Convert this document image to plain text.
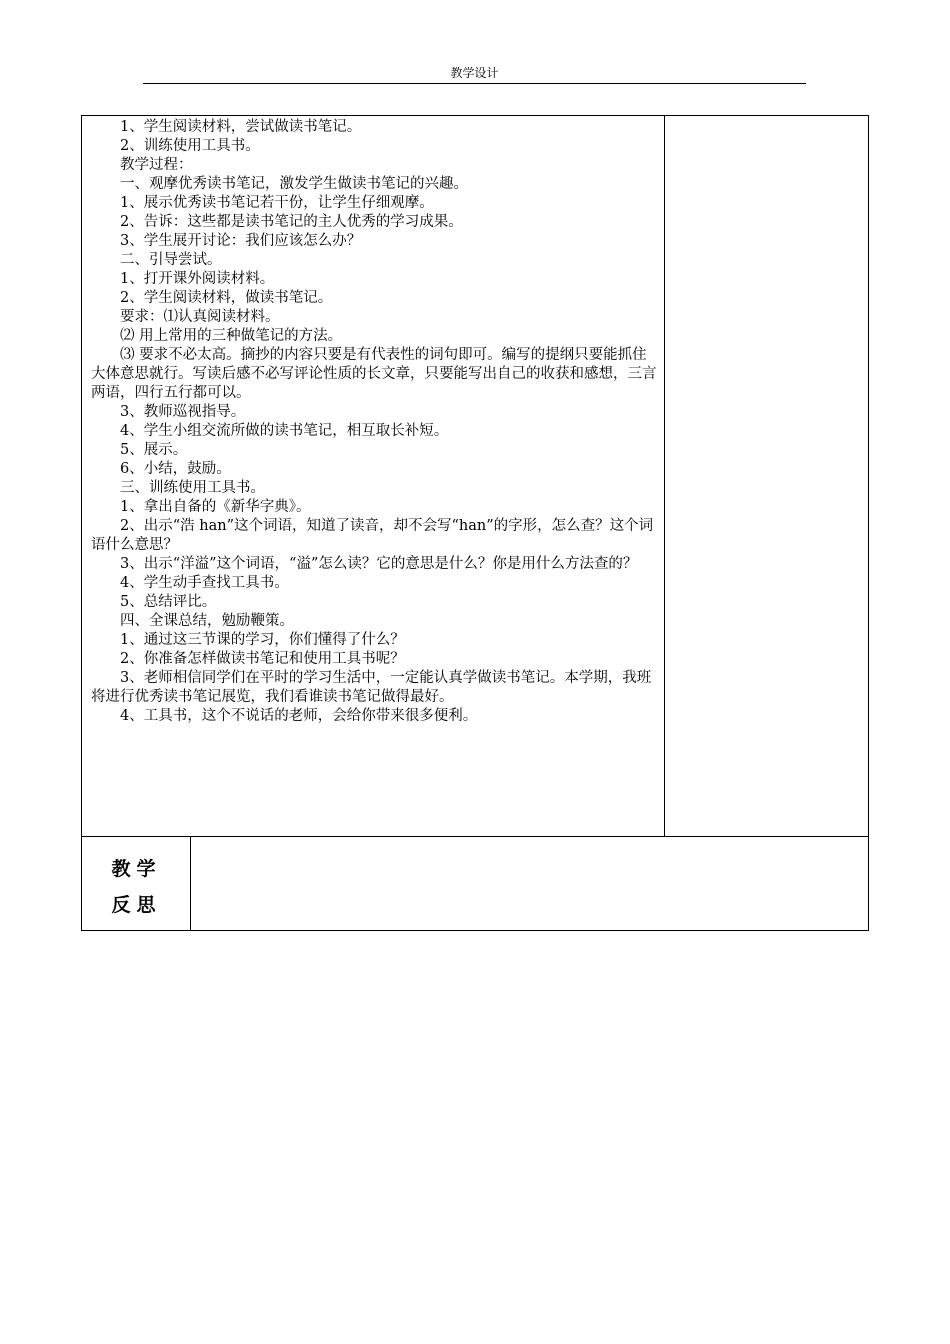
教学设计

1、学生阅读材料，尝试做读书笔记。

2、训练使用工具书。

教学过程：

一、观摩优秀读书笔记，激发学生做读书笔记的兴趣。

1、展示优秀读书笔记若干份，让学生仔细观摩。

2、告诉：这些都是读书笔记的主人优秀的学习成果。

3、学生展开讨论：我们应该怎么办？

二、引导尝试。

1、打开课外阅读材料。

2、学生阅读材料，做读书笔记。

要求：⑴认真阅读材料。

⑵ 用上常用的三种做笔记的方法。

⑶ 要求不必太高。摘抄的内容只要是有代表性的词句即可。编写的提纲只要能抓住大体意思就行。写读后感不必写评论性质的长文章，只要能写出自己的收获和感想，三言两语，四行五行都可以。

3、教师巡视指导。

4、学生小组交流所做的读书笔记，相互取长补短。

5、展示。

6、小结，鼓励。

三、训练使用工具书。

1、拿出自备的《新华字典》。

2、出示“浩 han”这个词语，知道了读音，却不会写“han”的字形，怎么查？这个词语什么意思？

3、出示“洋溢”这个词语，“溢”怎么读？它的意思是什么？你是用什么方法查的？

4、学生动手查找工具书。

5、总结评比。

四、全课总结，勉励鞭策。

1、通过这三节课的学习，你们懂得了什么？

2、你准备怎样做读书笔记和使用工具书呢？

3、老师相信同学们在平时的学习生活中，一定能认真学做读书笔记。本学期，我班将进行优秀读书笔记展览，我们看谁读书笔记做得最好。

4、工具书，这个不说话的老师，会给你带来很多便利。

教学
反思
